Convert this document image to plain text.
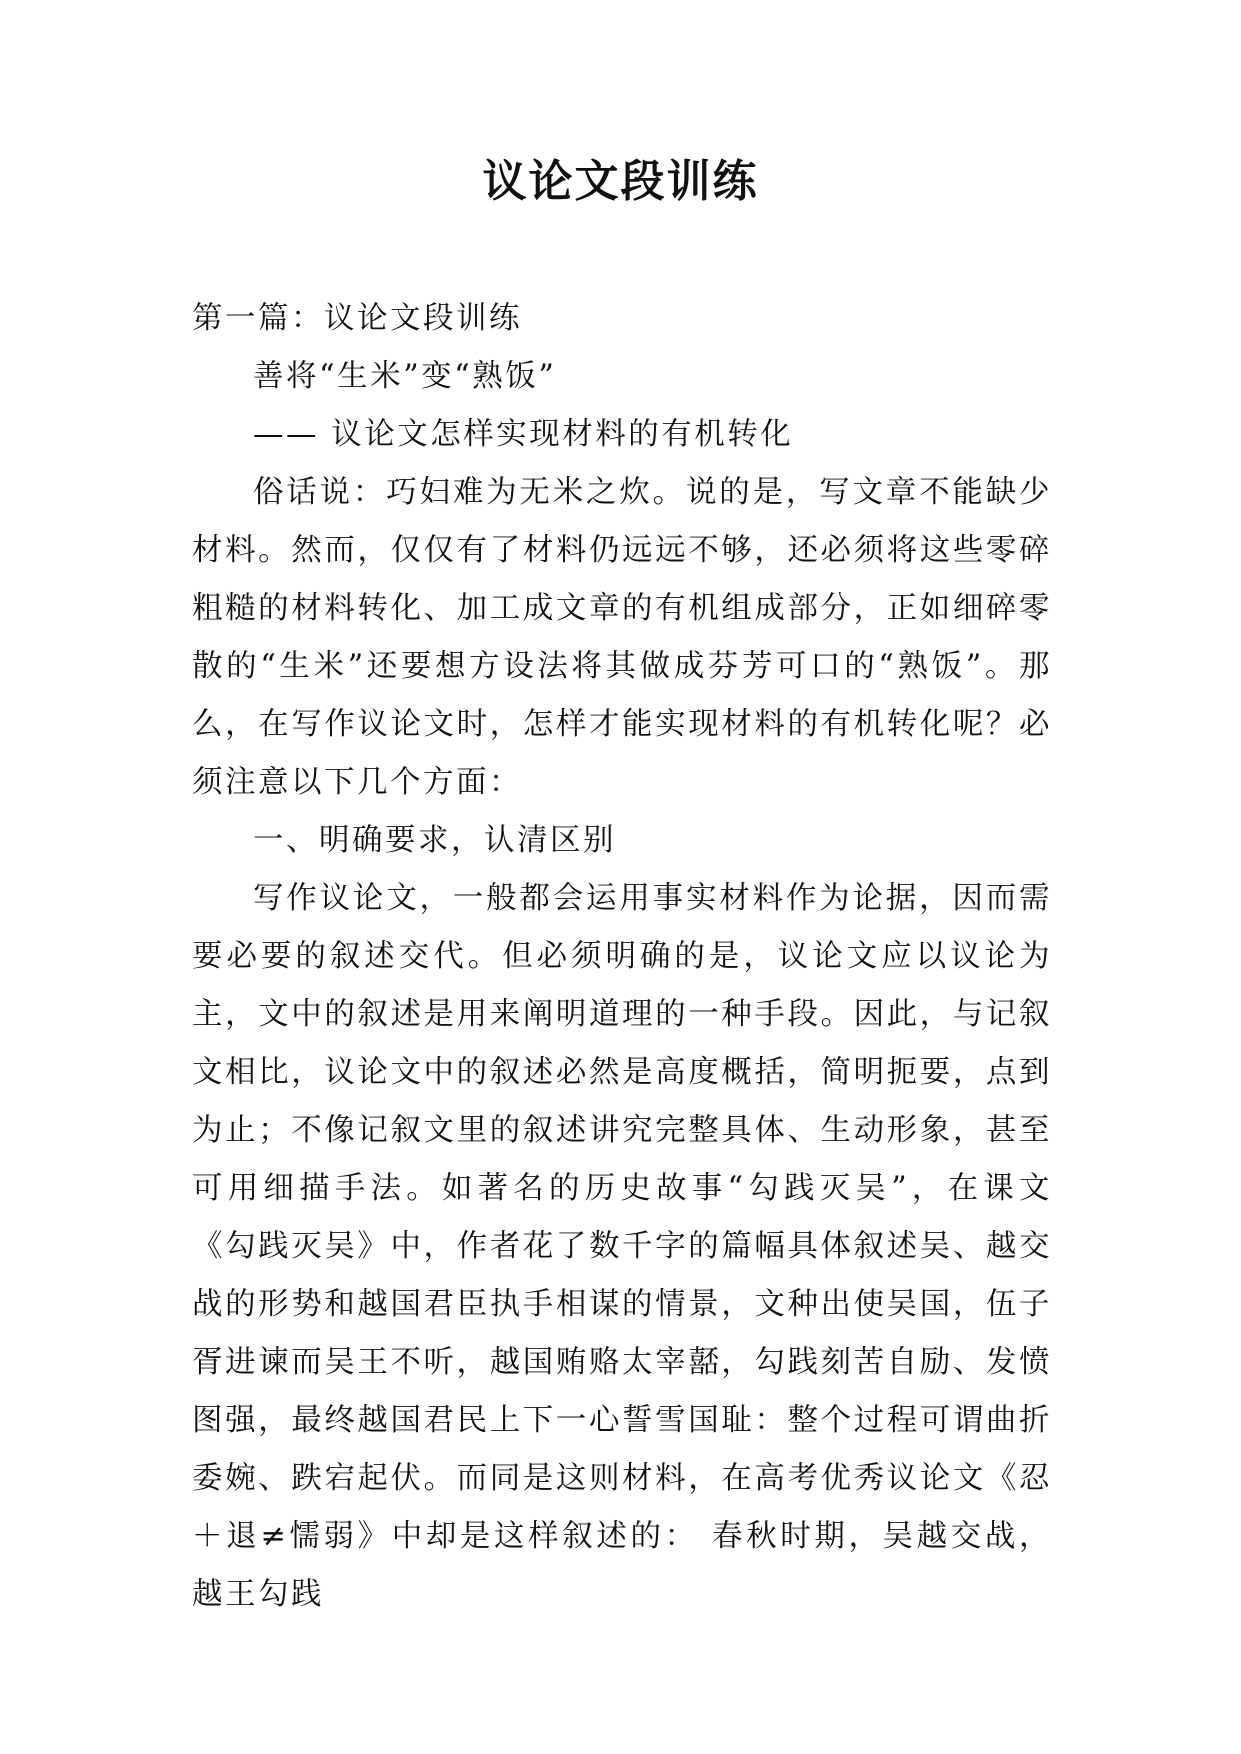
议论文段训练

第一篇：议论文段训练

善将“生米”变“熟饭”

—— 议论文怎样实现材料的有机转化

俗话说：巧妇难为无米之炊。说的是，写文章不能缺少材料。然而，仅仅有了材料仍远远不够，还必须将这些零碎粗糙的材料转化、加工成文章的有机组成部分，正如细碎零散的“生米”还要想方设法将其做成芬芳可口的“熟饭”。那么，在写作议论文时，怎样才能实现材料的有机转化呢？必须注意以下几个方面：

一、明确要求，认清区别

写作议论文，一般都会运用事实材料作为论据，因而需要必要的叙述交代。但必须明确的是，议论文应以议论为主，文中的叙述是用来阐明道理的一种手段。因此，与记叙文相比，议论文中的叙述必然是高度概括，简明扼要，点到为止；不像记叙文里的叙述讲究完整具体、生动形象，甚至可用细描手法。如著名的历史故事“勾践灭吴”，在课文《勾践灭吴》中，作者花了数千字的篇幅具体叙述吴、越交战的形势和越国君臣执手相谋的情景，文种出使吴国，伍子胥进谏而吴王不听，越国贿赂太宰嚭，勾践刻苦自励、发愤图强，最终越国君民上下一心誓雪国耻：整个过程可谓曲折委婉、跌宕起伏。而同是这则材料，在高考优秀议论文《忍＋退≠懦弱》中却是这样叙述的： 春秋时期，吴越交战，越王勾践
